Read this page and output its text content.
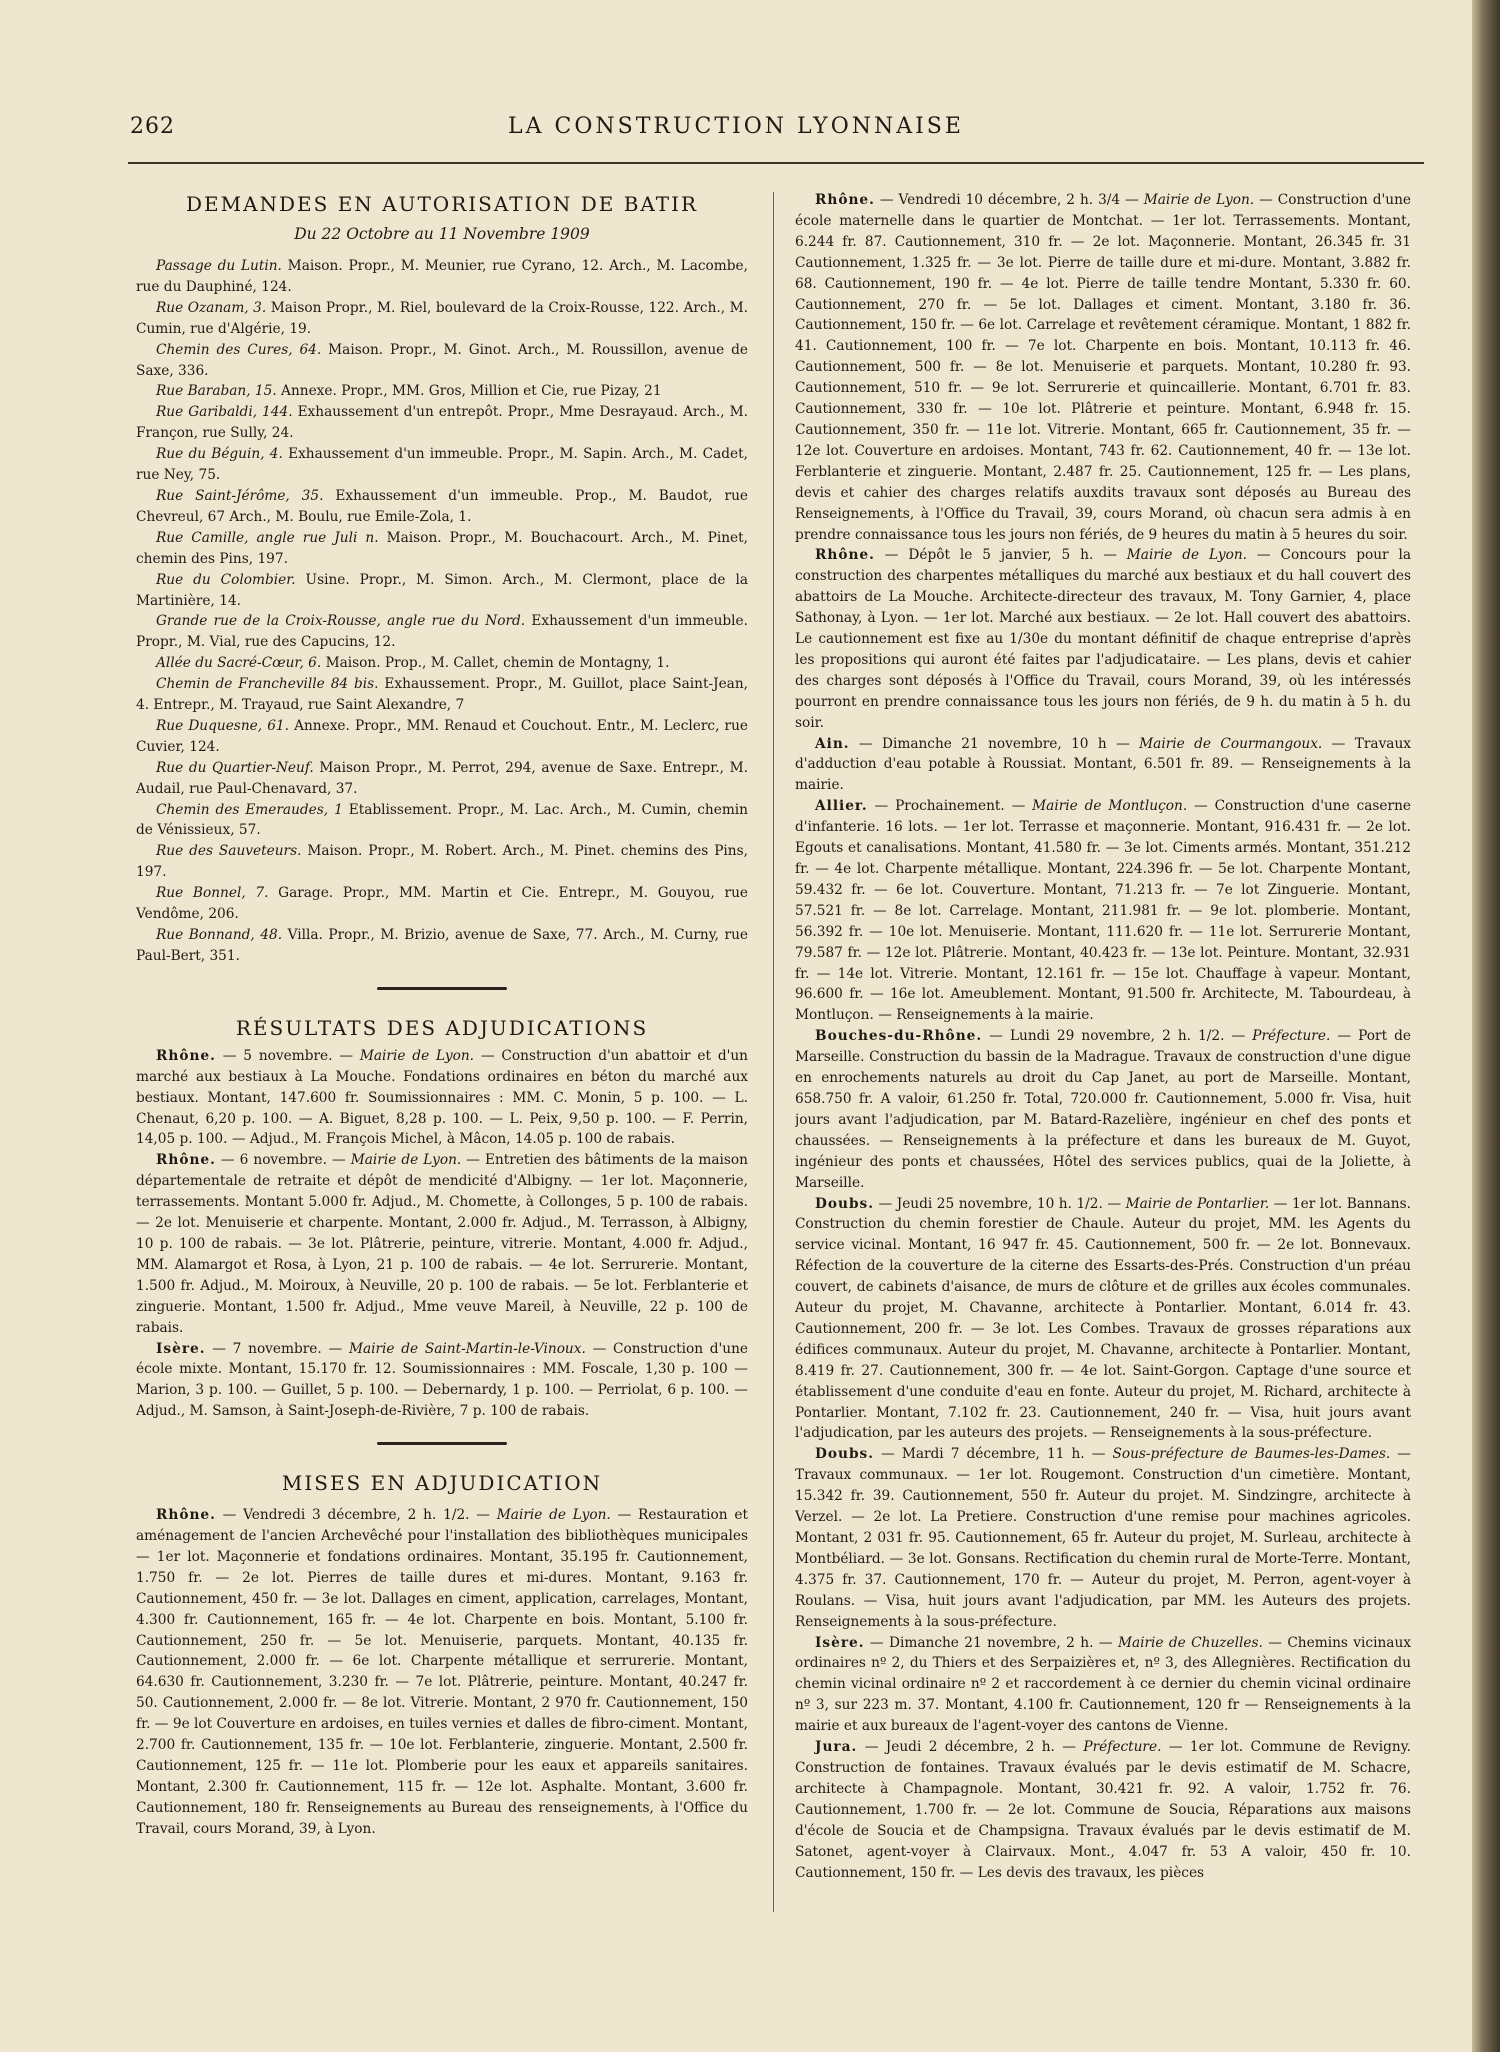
262	LA CONSTRUCTION LYONNAISE
DEMANDES EN AUTORISATION DE BATIR
Du 22 Octobre au 11 Novembre 1909

Passage du Lutin. Maison. Propr., M. Meunier, rue Cyrano, 12. Arch., M. Lacombe, rue du Dauphiné, 124.

Rue Ozanam, 3. Maison Propr., M. Riel, boulevard de la Croix-Rousse, 122. Arch., M. Cumin, rue d'Algérie, 19.

Chemin des Cures, 64. Maison. Propr., M. Ginot. Arch., M. Roussillon, avenue de Saxe, 336.

Rue Baraban, 15. Annexe. Propr., MM. Gros, Million et Cie, rue Pizay, 21

Rue Garibaldi, 144. Exhaussement d'un entrepôt. Propr., Mme Desrayaud. Arch., M. Françon, rue Sully, 24.

Rue du Béguin, 4. Exhaussement d'un immeuble. Propr., M. Sapin. Arch., M. Cadet, rue Ney, 75.

Rue Saint-Jérôme, 35. Exhaussement d'un immeuble. Prop., M. Baudot, rue Chevreul, 67 Arch., M. Boulu, rue Emile-Zola, 1.

Rue Camille, angle rue Juli n. Maison. Propr., M. Bouchacourt. Arch., M. Pinet, chemin des Pins, 197.

Rue du Colombier. Usine. Propr., M. Simon. Arch., M. Clermont, place de la Martinière, 14.

Grande rue de la Croix-Rousse, angle rue du Nord. Exhaussement d'un immeuble. Propr., M. Vial, rue des Capucins, 12.

Allée du Sacré-Cœur, 6. Maison. Prop., M. Callet, chemin de Montagny, 1.

Chemin de Francheville 84 bis. Exhaussement. Propr., M. Guillot, place Saint-Jean, 4. Entrepr., M. Trayaud, rue Saint Alexandre, 7

Rue Duquesne, 61. Annexe. Propr., MM. Renaud et Couchout. Entr., M. Leclerc, rue Cuvier, 124.

Rue du Quartier-Neuf. Maison Propr., M. Perrot, 294, avenue de Saxe. Entrepr., M. Audail, rue Paul-Chenavard, 37.

Chemin des Emeraudes, 1 Etablissement. Propr., M. Lac. Arch., M. Cumin, chemin de Vénissieux, 57.

Rue des Sauveteurs. Maison. Propr., M. Robert. Arch., M. Pinet. chemins des Pins, 197.

Rue Bonnel, 7. Garage. Propr., MM. Martin et Cie. Entrepr., M. Gouyou, rue Vendôme, 206.

Rue Bonnand, 48. Villa. Propr., M. Brizio, avenue de Saxe, 77. Arch., M. Curny, rue Paul-Bert, 351.

RÉSULTATS DES ADJUDICATIONS

Rhône. — 5 novembre. — Mairie de Lyon. — Construction d'un abattoir et d'un marché aux bestiaux à La Mouche. Fondations ordinaires en béton du marché aux bestiaux. Montant, 147.600 fr. Soumissionnaires : MM. C. Monin, 5 p. 100. — L. Chenaut, 6,20 p. 100. — A. Biguet, 8,28 p. 100. — L. Peix, 9,50 p. 100. — F. Perrin, 14,05 p. 100. — Adjud., M. François Michel, à Mâcon, 14.05 p. 100 de rabais.

Rhône. — 6 novembre. — Mairie de Lyon. — Entretien des bâtiments de la maison départementale de retraite et dépôt de mendicité d'Albigny. — 1er lot. Maçonnerie, terrassements. Montant 5.000 fr. Adjud., M. Chomette, à Collonges, 5 p. 100 de rabais. — 2e lot. Menuiserie et charpente. Montant, 2.000 fr. Adjud., M. Terrasson, à Albigny, 10 p. 100 de rabais. — 3e lot. Plâtrerie, peinture, vitrerie. Montant, 4.000 fr. Adjud., MM. Alamargot et Rosa, à Lyon, 21 p. 100 de rabais. — 4e lot. Serrurerie. Montant, 1.500 fr. Adjud., M. Moiroux, à Neuville, 20 p. 100 de rabais. — 5e lot. Ferblanterie et zinguerie. Montant, 1.500 fr. Adjud., Mme veuve Mareil, à Neuville, 22 p. 100 de rabais.

Isère. — 7 novembre. — Mairie de Saint-Martin-le-Vinoux. — Construction d'une école mixte. Montant, 15.170 fr. 12. Soumissionnaires : MM. Foscale, 1,30 p. 100 — Marion, 3 p. 100. — Guillet, 5 p. 100. — Debernardy, 1 p. 100. — Perriolat, 6 p. 100. — Adjud., M. Samson, à Saint-Joseph-de-Rivière, 7 p. 100 de rabais.

MISES EN ADJUDICATION

Rhône. — Vendredi 3 décembre, 2 h. 1/2. — Mairie de Lyon. — Restauration et aménagement de l'ancien Archevêché pour l'installation des bibliothèques municipales — 1er lot. Maçonnerie et fondations ordinaires. Montant, 35.195 fr. Cautionnement, 1.750 fr. — 2e lot. Pierres de taille dures et mi-dures. Montant, 9.163 fr. Cautionnement, 450 fr. — 3e lot. Dallages en ciment, application, carrelages, Montant, 4.300 fr. Cautionnement, 165 fr. — 4e lot. Charpente en bois. Montant, 5.100 fr. Cautionnement, 250 fr. — 5e lot. Menuiserie, parquets. Montant, 40.135 fr. Cautionnement, 2.000 fr. — 6e lot. Charpente métallique et serrurerie. Montant, 64.630 fr. Cautionnement, 3.230 fr. — 7e lot. Plâtrerie, peinture. Montant, 40.247 fr. 50. Cautionnement, 2.000 fr. — 8e lot. Vitrerie. Montant, 2 970 fr. Cautionnement, 150 fr. — 9e lot Couverture en ardoises, en tuiles vernies et dalles de fibro-ciment. Montant, 2.700 fr. Cautionnement, 135 fr. — 10e lot. Ferblanterie, zinguerie. Montant, 2.500 fr. Cautionnement, 125 fr. — 11e lot. Plomberie pour les eaux et appareils sanitaires. Montant, 2.300 fr. Cautionnement, 115 fr. — 12e lot. Asphalte. Montant, 3.600 fr. Cautionnement, 180 fr. Renseignements au Bureau des renseignements, à l'Office du Travail, cours Morand, 39, à Lyon.

Rhône. — Vendredi 10 décembre, 2 h. 3/4 — Mairie de Lyon. — Construction d'une école maternelle dans le quartier de Montchat. — 1er lot. Terrassements. Montant, 6.244 fr. 87. Cautionnement, 310 fr. — 2e lot. Maçonnerie. Montant, 26.345 fr. 31 Cautionnement, 1.325 fr. — 3e lot. Pierre de taille dure et mi-dure. Montant, 3.882 fr. 68. Cautionnement, 190 fr. — 4e lot. Pierre de taille tendre Montant, 5.330 fr. 60. Cautionnement, 270 fr. — 5e lot. Dallages et ciment. Montant, 3.180 fr. 36. Cautionnement, 150 fr. — 6e lot. Carrelage et revêtement céramique. Montant, 1 882 fr. 41. Cautionnement, 100 fr. — 7e lot. Charpente en bois. Montant, 10.113 fr. 46. Cautionnement, 500 fr. — 8e lot. Menuiserie et parquets. Montant, 10.280 fr. 93. Cautionnement, 510 fr. — 9e lot. Serrurerie et quincaillerie. Montant, 6.701 fr. 83. Cautionnement, 330 fr. — 10e lot. Plâtrerie et peinture. Montant, 6.948 fr. 15. Cautionnement, 350 fr. — 11e lot. Vitrerie. Montant, 665 fr. Cautionnement, 35 fr. — 12e lot. Couverture en ardoises. Montant, 743 fr. 62. Cautionnement, 40 fr. — 13e lot. Ferblanterie et zinguerie. Montant, 2.487 fr. 25. Cautionnement, 125 fr. — Les plans, devis et cahier des charges relatifs auxdits travaux sont déposés au Bureau des Renseignements, à l'Office du Travail, 39, cours Morand, où chacun sera admis à en prendre connaissance tous les jours non fériés, de 9 heures du matin à 5 heures du soir.

Rhône. — Dépôt le 5 janvier, 5 h. — Mairie de Lyon. — Concours pour la construction des charpentes métalliques du marché aux bestiaux et du hall couvert des abattoirs de La Mouche. Architecte-directeur des travaux, M. Tony Garnier, 4, place Sathonay, à Lyon. — 1er lot. Marché aux bestiaux. — 2e lot. Hall couvert des abattoirs. Le cautionnement est fixe au 1/30e du montant définitif de chaque entreprise d'après les propositions qui auront été faites par l'adjudicataire. — Les plans, devis et cahier des charges sont déposés à l'Office du Travail, cours Morand, 39, où les intéressés pourront en prendre connaissance tous les jours non fériés, de 9 h. du matin à 5 h. du soir.

Ain. — Dimanche 21 novembre, 10 h — Mairie de Courmangoux. — Travaux d'adduction d'eau potable à Roussiat. Montant, 6.501 fr. 89. — Renseignements à la mairie.

Allier. — Prochainement. — Mairie de Montluçon. — Construction d'une caserne d'infanterie. 16 lots. — 1er lot. Terrasse et maçonnerie. Montant, 916.431 fr. — 2e lot. Egouts et canalisations. Montant, 41.580 fr. — 3e lot. Ciments armés. Montant, 351.212 fr. — 4e lot. Charpente métallique. Montant, 224.396 fr. — 5e lot. Charpente Montant, 59.432 fr. — 6e lot. Couverture. Montant, 71.213 fr. — 7e lot Zinguerie. Montant, 57.521 fr. — 8e lot. Carrelage. Montant, 211.981 fr. — 9e lot. plomberie. Montant, 56.392 fr. — 10e lot. Menuiserie. Montant, 111.620 fr. — 11e lot. Serrurerie Montant, 79.587 fr. — 12e lot. Plâtrerie. Montant, 40.423 fr. — 13e lot. Peinture. Montant, 32.931 fr. — 14e lot. Vitrerie. Montant, 12.161 fr. — 15e lot. Chauffage à vapeur. Montant, 96.600 fr. — 16e lot. Ameublement. Montant, 91.500 fr. Architecte, M. Tabourdeau, à Montluçon. — Renseignements à la mairie.

Bouches-du-Rhône. — Lundi 29 novembre, 2 h. 1/2. — Préfecture. — Port de Marseille. Construction du bassin de la Madrague. Travaux de construction d'une digue en enrochements naturels au droit du Cap Janet, au port de Marseille. Montant, 658.750 fr. A valoir, 61.250 fr. Total, 720.000 fr. Cautionnement, 5.000 fr. Visa, huit jours avant l'adjudication, par M. Batard-Razelière, ingénieur en chef des ponts et chaussées. — Renseignements à la préfecture et dans les bureaux de M. Guyot, ingénieur des ponts et chaussées, Hôtel des services publics, quai de la Joliette, à Marseille.

Doubs. — Jeudi 25 novembre, 10 h. 1/2. — Mairie de Pontarlier. — 1er lot. Bannans. Construction du chemin forestier de Chaule. Auteur du projet, MM. les Agents du service vicinal. Montant, 16 947 fr. 45. Cautionnement, 500 fr. — 2e lot. Bonnevaux. Réfection de la couverture de la citerne des Essarts-des-Prés. Construction d'un préau couvert, de cabinets d'aisance, de murs de clôture et de grilles aux écoles communales. Auteur du projet, M. Chavanne, architecte à Pontarlier. Montant, 6.014 fr. 43. Cautionnement, 200 fr. — 3e lot. Les Combes. Travaux de grosses réparations aux édifices communaux. Auteur du projet, M. Chavanne, architecte à Pontarlier. Montant, 8.419 fr. 27. Cautionnement, 300 fr. — 4e lot. Saint-Gorgon. Captage d'une source et établissement d'une conduite d'eau en fonte. Auteur du projet, M. Richard, architecte à Pontarlier. Montant, 7.102 fr. 23. Cautionnement, 240 fr. — Visa, huit jours avant l'adjudication, par les auteurs des projets. — Renseignements à la sous-préfecture.

Doubs. — Mardi 7 décembre, 11 h. — Sous-préfecture de Baumes-les-Dames. — Travaux communaux. — 1er lot. Rougemont. Construction d'un cimetière. Montant, 15.342 fr. 39. Cautionnement, 550 fr. Auteur du projet. M. Sindzingre, architecte à Verzel. — 2e lot. La Pretiere. Construction d'une remise pour machines agricoles. Montant, 2 031 fr. 95. Cautionnement, 65 fr. Auteur du projet, M. Surleau, architecte à Montbéliard. — 3e lot. Gonsans. Rectification du chemin rural de Morte-Terre. Montant, 4.375 fr. 37. Cautionnement, 170 fr. — Auteur du projet, M. Perron, agent-voyer à Roulans. — Visa, huit jours avant l'adjudication, par MM. les Auteurs des projets. Renseignements à la sous-préfecture.

Isère. — Dimanche 21 novembre, 2 h. — Mairie de Chuzelles. — Chemins vicinaux ordinaires nº 2, du Thiers et des Serpaizières et, nº 3, des Allegnières. Rectification du chemin vicinal ordinaire nº 2 et raccordement à ce dernier du chemin vicinal ordinaire nº 3, sur 223 m. 37. Montant, 4.100 fr. Cautionnement, 120 fr — Renseignements à la mairie et aux bureaux de l'agent-voyer des cantons de Vienne.

Jura. — Jeudi 2 décembre, 2 h. — Préfecture. — 1er lot. Commune de Revigny. Construction de fontaines. Travaux évalués par le devis estimatif de M. Schacre, architecte à Champagnole. Montant, 30.421 fr. 92. A valoir, 1.752 fr. 76. Cautionnement, 1.700 fr. — 2e lot. Commune de Soucia, Réparations aux maisons d'école de Soucia et de Champsigna. Travaux évalués par le devis estimatif de M. Satonet, agent-voyer à Clairvaux. Mont., 4.047 fr. 53 A valoir, 450 fr. 10. Cautionnement, 150 fr. — Les devis des travaux, les pièces
